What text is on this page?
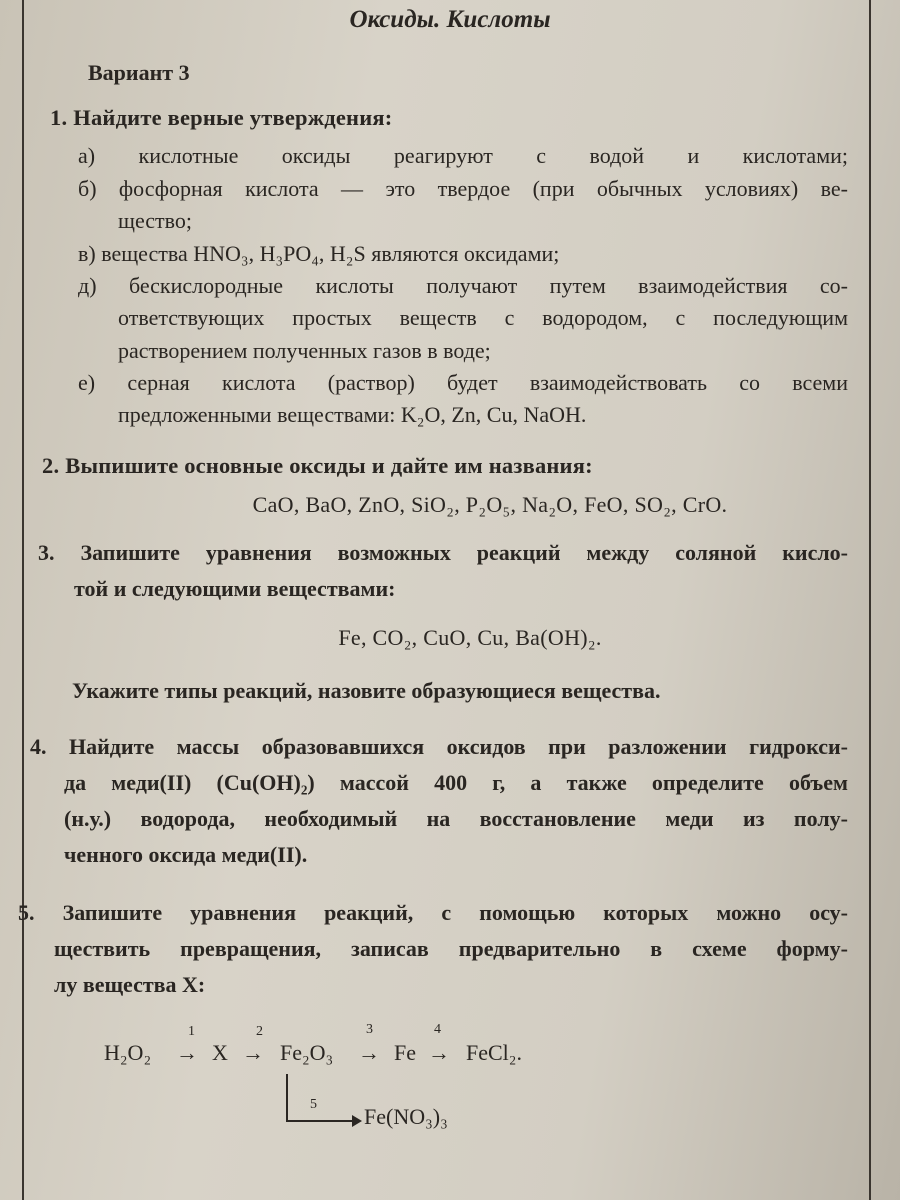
Оксиды. Кислоты
Вариант 3
1. Найдите верные утверждения:
а) кислотные оксиды реагируют с водой и кислотами;
б) фосфорная кислота — это твердое (при обычных условиях) ве-
щество;
в) вещества HNO₃, H₃PO₄, H₂S являются оксидами;
д) бескислородные кислоты получают путем взаимодействия со-
ответствующих простых веществ с водородом, с последующим
растворением полученных газов в воде;
е) серная кислота (раствор) будет взаимодействовать со всеми
предложенными веществами: K₂O, Zn, Cu, NaOH.
2. Выпишите основные оксиды и дайте им названия:
CaO, BaO, ZnO, SiO₂, P₂O₅, Na₂O, FeO, SO₂, CrO.
3. Запишите уравнения возможных реакций между соляной кисло-
той и следующими веществами:
Fe, CO₂, CuO, Cu, Ba(OH)₂.
Укажите типы реакций, назовите образующиеся вещества.
4. Найдите массы образовавшихся оксидов при разложении гидрокси-
да меди(II) (Cu(OH)₂) массой 400 г, а также определите объем
(н.у.) водорода, необходимый на восстановление меди из полу-
ченного оксида меди(II).
5. Запишите уравнения реакций, с помощью которых можно осу-
ществить превращения, записав предварительно в схеме форму-
лу вещества X:
1	2	3	4
H₂O₂ → X → Fe₂O₃ → Fe → FeCl₂.
5 Fe(NO₃)₃
